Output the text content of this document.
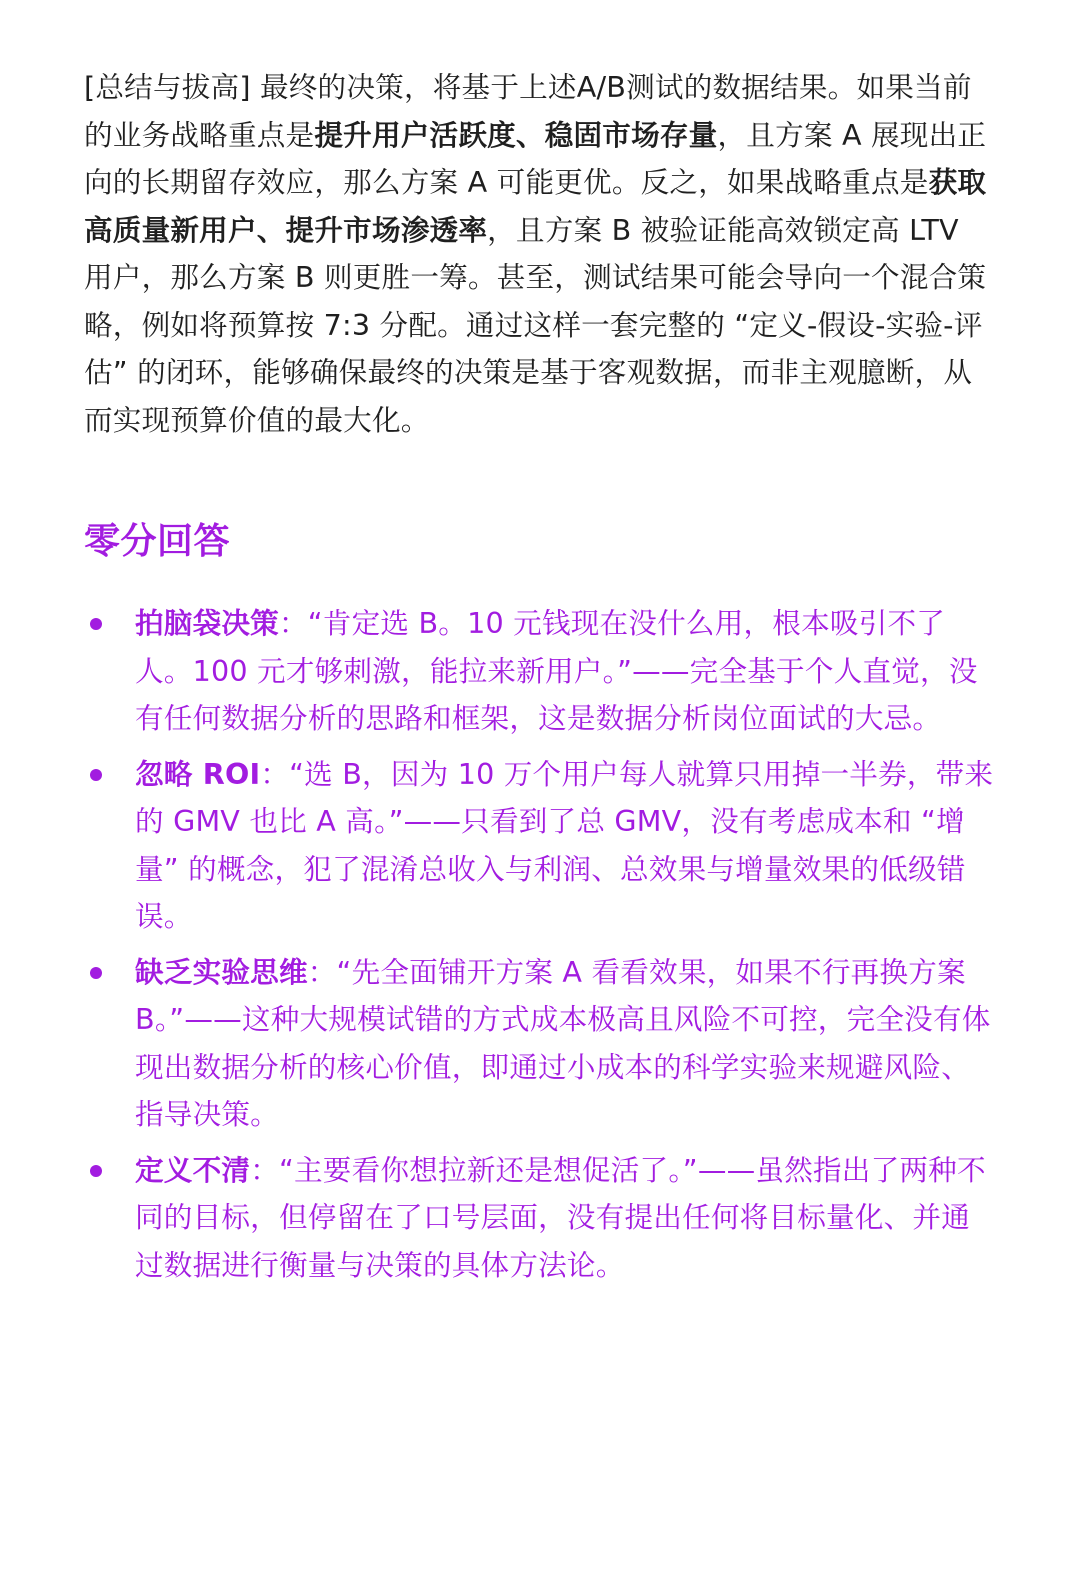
[总结与拔高] 最终的决策，将基于上述A/B测试的数据结果。如果当前的业务战略重点是提升用户活跃度、稳固市场存量，且方案 A 展现出正向的长期留存效应，那么方案 A 可能更优。反之，如果战略重点是获取高质量新用户、提升市场渗透率，且方案 B 被验证能高效锁定高 LTV 用户，那么方案 B 则更胜一筹。甚至，测试结果可能会导向一个混合策略，例如将预算按 7:3 分配。通过这样一套完整的 “定义-假设-实验-评估” 的闭环，能够确保最终的决策是基于客观数据，而非主观臆断，从而实现预算价值的最大化。

零分回答
拍脑袋决策：“肯定选 B。10 元钱现在没什么用，根本吸引不了人。100 元才够刺激，能拉来新用户。”——完全基于个人直觉，没有任何数据分析的思路和框架，这是数据分析岗位面试的大忌。
忽略 ROI：“选 B，因为 10 万个用户每人就算只用掉一半券，带来的 GMV 也比 A 高。”——只看到了总 GMV，没有考虑成本和 “增量” 的概念，犯了混淆总收入与利润、总效果与增量效果的低级错误。
缺乏实验思维：“先全面铺开方案 A 看看效果，如果不行再换方案 B。”——这种大规模试错的方式成本极高且风险不可控，完全没有体现出数据分析的核心价值，即通过小成本的科学实验来规避风险、指导决策。
定义不清：“主要看你想拉新还是想促活了。”——虽然指出了两种不同的目标，但停留在了口号层面，没有提出任何将目标量化、并通过数据进行衡量与决策的具体方法论。
